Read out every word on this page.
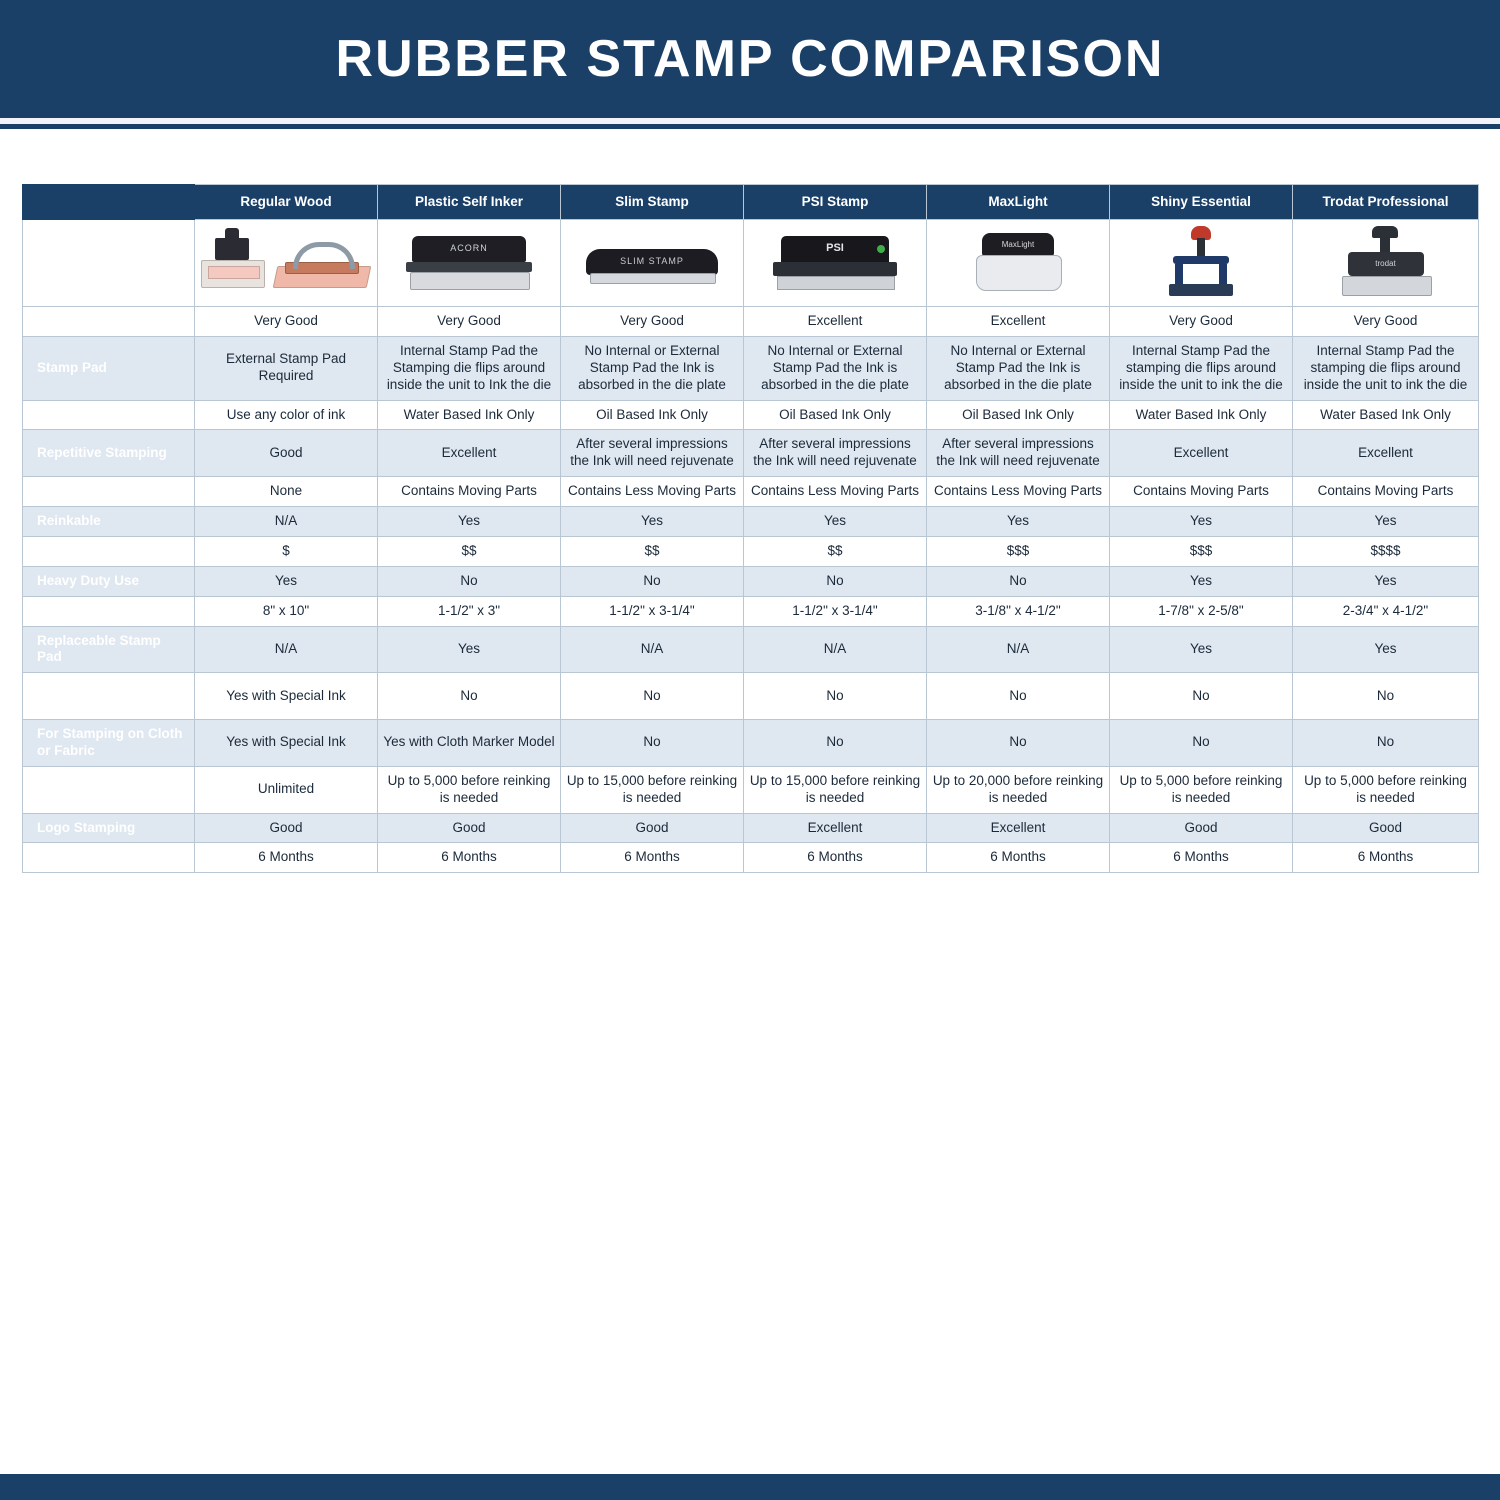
RUBBER STAMP COMPARISON
	Regular Wood	Plastic Self Inker	Slim Stamp	PSI Stamp	MaxLight	Shiny Essential	Trodat Professional
Type of Stamp		ACORN	SLIM STAMP	PSI	MaxLight		trodat

Stamped Quality	Very Good	Very Good	Very Good	Excellent	Excellent	Very Good	Very Good
Stamp Pad	External Stamp Pad Required	Internal Stamp Pad the Stamping die flips around inside the unit to Ink the die	No Internal or External Stamp Pad the Ink is absorbed in the die plate	No Internal or External Stamp Pad the Ink is absorbed in the die plate	No Internal or External Stamp Pad the Ink is absorbed in the die plate	Internal Stamp Pad the stamping die flips around inside the unit to ink the die	Internal Stamp Pad the stamping die flips around inside the unit to ink the die
Type of Ink	Use any color of ink	Water Based Ink Only	Oil Based Ink Only	Oil Based Ink Only	Oil Based Ink Only	Water Based Ink Only	Water Based Ink Only
Repetitive Stamping	Good	Excellent	After several impressions the Ink will need rejuvenate	After several impressions the Ink will need rejuvenate	After several impressions the Ink will need rejuvenate	Excellent	Excellent
Moving Parts	None	Contains Moving Parts	Contains Less Moving Parts	Contains Less Moving Parts	Contains Less Moving Parts	Contains Moving Parts	Contains Moving Parts
Reinkable	N/A	Yes	Yes	Yes	Yes	Yes	Yes
Cost	$	$$	$$	$$	$$$	$$$	$$$$
Heavy Duty Use	Yes	No	No	No	No	Yes	Yes
Maximum Size	8" x 10"	1-1/2" x 3"	1-1/2" x 3-1/4"	1-1/2" x 3-1/4"	3-1/8" x 4-1/2"	1-7/8" x 2-5/8"	2-3/4" x 4-1/2"
Replaceable Stamp Pad	N/A	Yes	N/A	N/A	N/A	Yes	Yes
For Stamping on Glossy Paper	Yes with Special Ink	No	No	No	No	No	No
For Stamping on Cloth or Fabric	Yes with Special Ink	Yes with Cloth Marker Model	No	No	No	No	No
Number of Impression	Unlimited	Up to 5,000 before reinking is needed	Up to 15,000 before reinking is needed	Up to 15,000 before reinking is needed	Up to 20,000 before reinking is needed	Up to 5,000 before reinking is needed	Up to 5,000 before reinking is needed
Logo Stamping	Good	Good	Good	Excellent	Excellent	Good	Good
Warranty	6 Months	6 Months	6 Months	6 Months	6 Months	6 Months	6 Months
